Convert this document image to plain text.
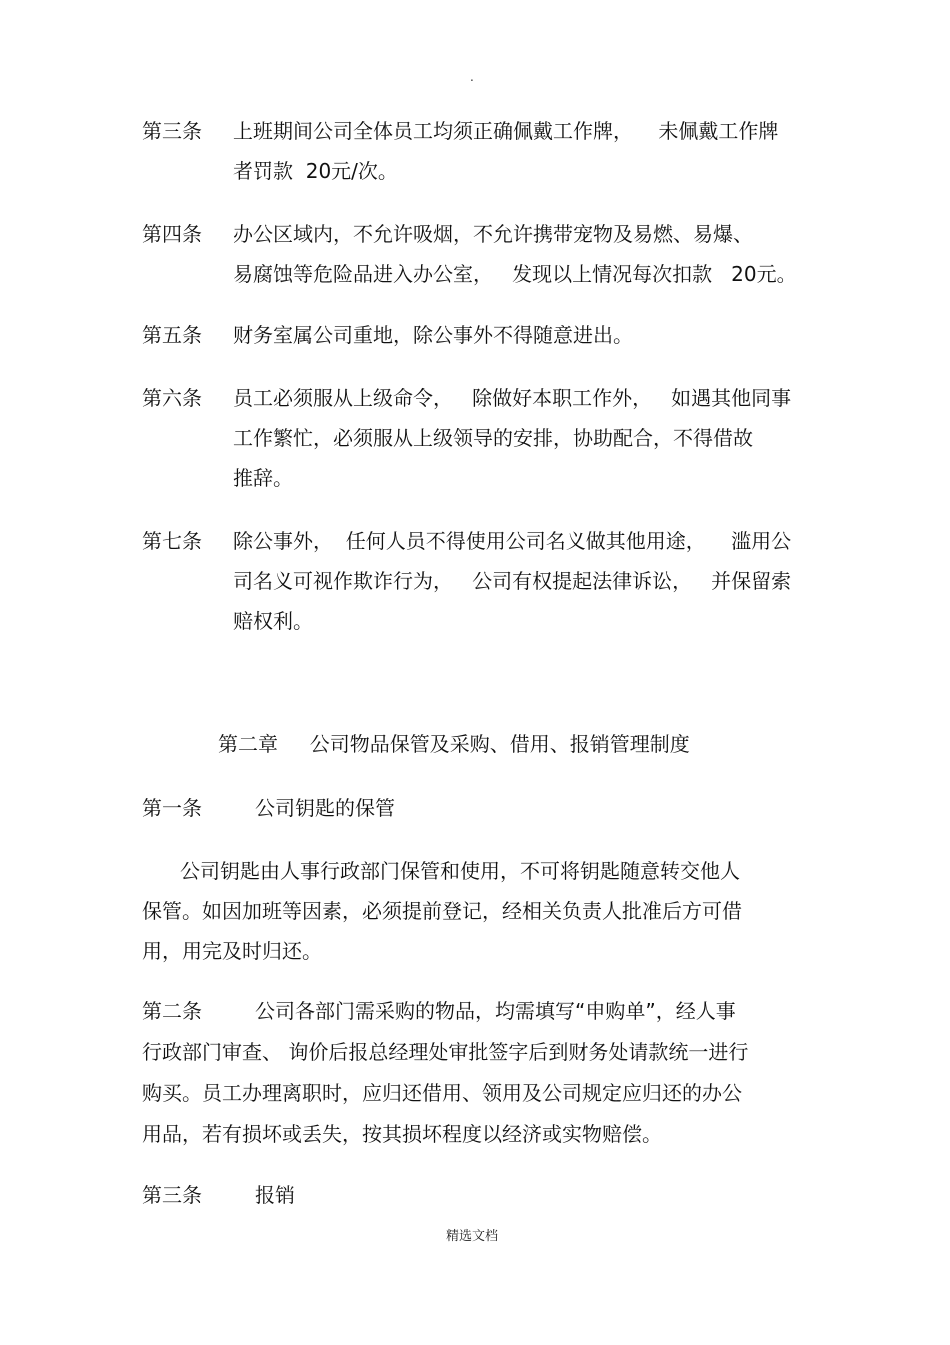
.
第三条 上班期间公司全体员工均须正确佩戴工作牌，    未佩戴工作牌
者罚款  20元/次。
第四条 办公区域内，不允许吸烟，不允许携带宠物及易燃、易爆、
易腐蚀等危险品进入办公室，   发现以上情况每次扣款   20元。
第五条 财务室属公司重地，除公事外不得随意进出。
第六条 员工必须服从上级命令，   除做好本职工作外，   如遇其他同事
工作繁忙，必须服从上级领导的安排，协助配合，不得借故
推辞。
第七条 除公事外，  任何人员不得使用公司名义做其他用途，    滥用公
司名义可视作欺诈行为，   公司有权提起法律诉讼，   并保留索
赔权利。
第二章     公司物品保管及采购、借用、报销管理制度
第一条	公司钥匙的保管
公司钥匙由人事行政部门保管和使用，不可将钥匙随意转交他人
保管。如因加班等因素，必须提前登记，经相关负责人批准后方可借
用，用完及时归还。
第二条	公司各部门需采购的物品，均需填写“申购单”，经人事
行政部门审查、 询价后报总经理处审批签字后到财务处请款统一进行
购买。员工办理离职时，应归还借用、领用及公司规定应归还的办公
用品，若有损坏或丢失，按其损坏程度以经济或实物赔偿。
第三条	报销
精选文档
